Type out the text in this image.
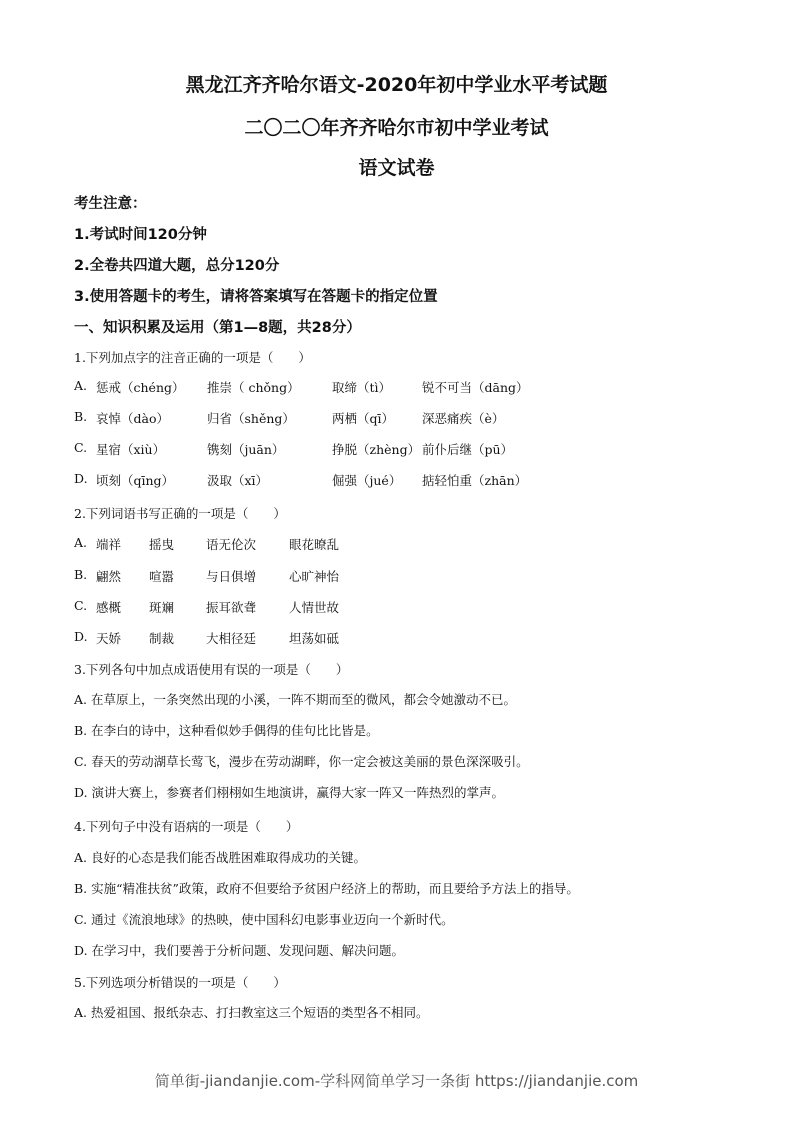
黑龙江齐齐哈尔语文-2020年初中学业水平考试题
二〇二〇年齐齐哈尔市初中学业考试
语文试卷
考生注意：
1.考试时间120分钟
2.全卷共四道大题，总分120分
3.使用答题卡的考生，请将答案填写在答题卡的指定位置
一、知识积累及运用（第1—8题，共28分）
1.下列加点字的注音正确的一项是（　　）
A. 惩戒（chéng） 推崇（ chǒng）	取缔（tì） 锐不可当（dāng）
B. 哀悼（dào）	归省（shěng）	两栖（qī） 深恶痛疾（è）
C. 星宿（xiù）	镌刻（juān）	挣脱（zhèng） 前仆后继（pū）
D. 顷刻（qīng）	汲取（xī）	倔强（jué） 掂轻怕重（zhān）
2.下列词语书写正确的一项是（　　）
A. 端祥 摇曳	语无伦次	眼花暸乱
B. 翩然 喧嚣	与日俱增	心旷神怡
C. 感概 斑斓	振耳欲聋	人情世故
D. 天娇 制裁	大相径廷	坦荡如砥
3.下列各句中加点成语使用有误的一项是（　　）
A. 在草原上，一条突然出现的小溪，一阵不期而至的微风，都会令她激动不已。
B. 在李白的诗中，这种看似妙手偶得的佳句比比皆是。
C. 春天的劳动湖草长莺飞，漫步在劳动湖畔，你一定会被这美丽的景色深深吸引。
D. 演讲大赛上，参赛者们栩栩如生地演讲，赢得大家一阵又一阵热烈的掌声。
4.下列句子中没有语病的一项是（　　）
A. 良好的心态是我们能否战胜困难取得成功的关键。
B. 实施“精准扶贫”政策，政府不但要给予贫困户经济上的帮助，而且要给予方法上的指导。
C. 通过《流浪地球》的热映，使中国科幻电影事业迈向一个新时代。
D. 在学习中，我们要善于分析问题、发现问题、解决问题。
5.下列选项分析错误的一项是（　　）
A. 热爱祖国、报纸杂志、打扫教室这三个短语的类型各不相同。
简单街-jiandanjie.com-学科网简单学习一条街 https://jiandanjie.com
